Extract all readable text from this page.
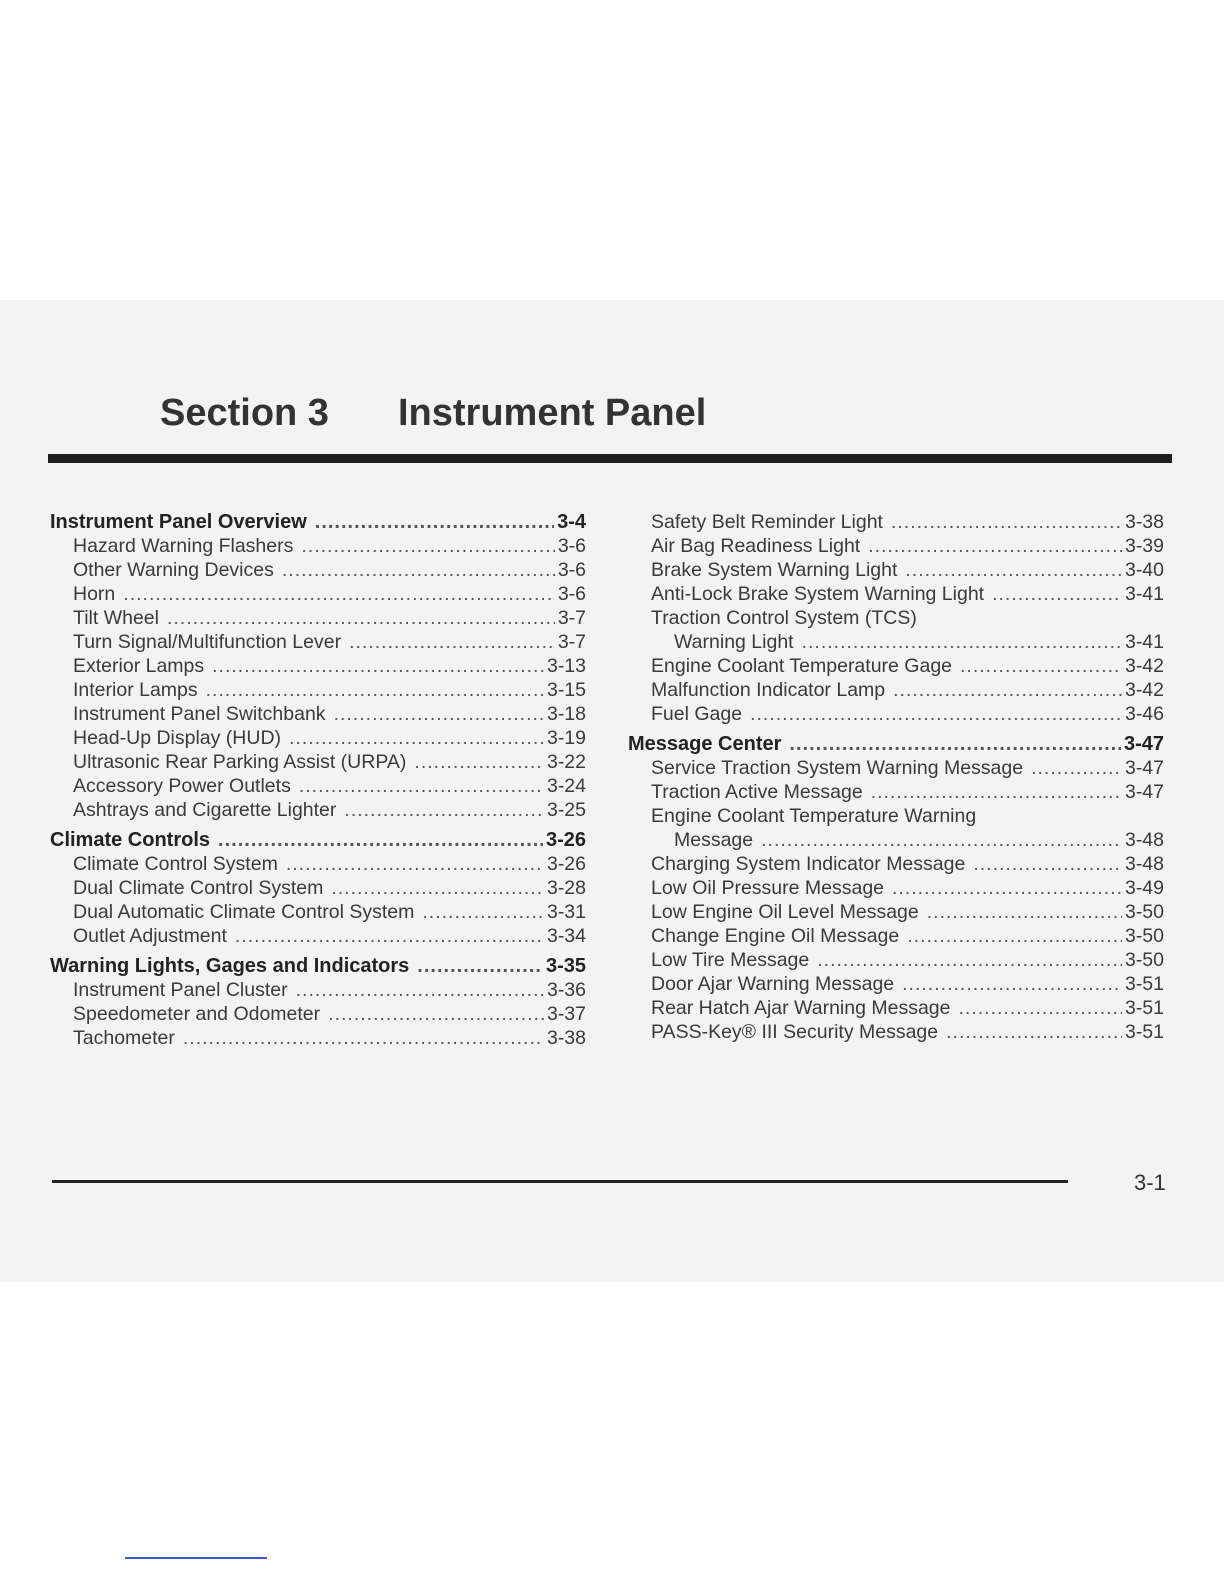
Section 3 Instrument Panel
Instrument Panel Overview .....	3-4
Hazard Warning Flashers .....	3-6
Other Warning Devices .....	3-6
Horn .....	3-6
Tilt Wheel .....	3-7
Turn Signal/Multifunction Lever .....	3-7
Exterior Lamps .....	3-13
Interior Lamps .....	3-15
Instrument Panel Switchbank .....	3-18
Head-Up Display (HUD) .....	3-19
Ultrasonic Rear Parking Assist (URPA) .....	3-22
Accessory Power Outlets .....	3-24
Ashtrays and Cigarette Lighter .....	3-25
Climate Controls .....	3-26
Climate Control System .....	3-26
Dual Climate Control System .....	3-28
Dual Automatic Climate Control System .....	3-31
Outlet Adjustment .....	3-34
Warning Lights, Gages and Indicators .....	3-35
Instrument Panel Cluster .....	3-36
Speedometer and Odometer .....	3-37
Tachometer .....	3-38
Safety Belt Reminder Light .....	3-38
Air Bag Readiness Light .....	3-39
Brake System Warning Light .....	3-40
Anti-Lock Brake System Warning Light .....	3-41
Traction Control System (TCS)
Warning Light .....	3-41
Engine Coolant Temperature Gage .....	3-42
Malfunction Indicator Lamp .....	3-42
Fuel Gage .....	3-46
Message Center .....	3-47
Service Traction System Warning Message .....	3-47
Traction Active Message .....	3-47
Engine Coolant Temperature Warning
Message .....	3-48
Charging System Indicator Message .....	3-48
Low Oil Pressure Message .....	3-49
Low Engine Oil Level Message .....	3-50
Change Engine Oil Message .....	3-50
Low Tire Message .....	3-50
Door Ajar Warning Message .....	3-51
Rear Hatch Ajar Warning Message .....	3-51
PASS-Key® III Security Message .....	3-51
3-1
